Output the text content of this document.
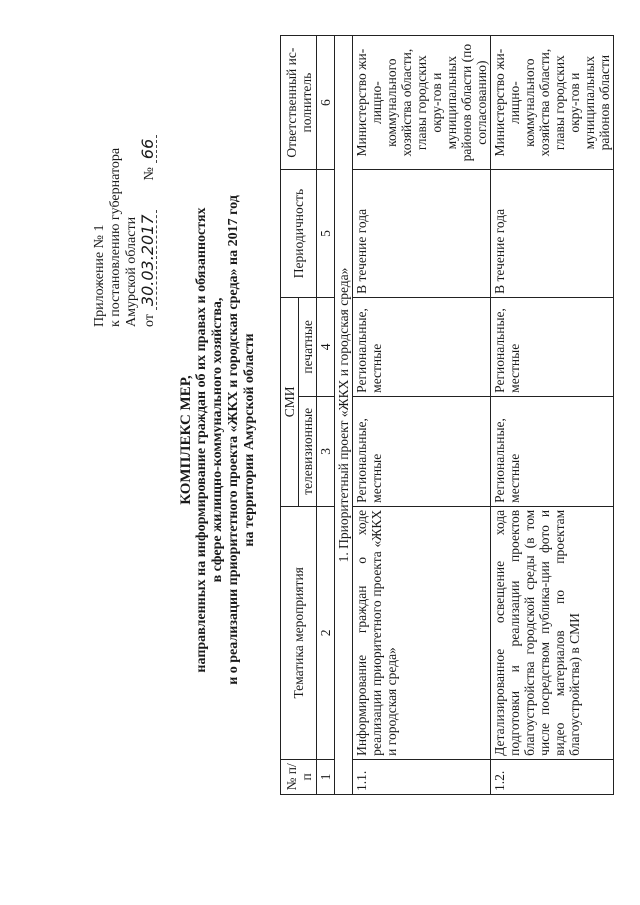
Приложение № 1 к постановлению губернатора Амурской области от
30.03.2017
№
66
КОМПЛЕКС МЕР, направленных на информирование граждан об их правах и обязанностях в сфере жилищно-коммунального хозяйства, и о реализации приоритетного проекта «ЖКХ и городская среда» на 2017 год на территории Амурской области
№ п/п	Тематика мероприятия	СМИ		Периодичность	Ответственный ис-полнитель
		телевизионные	печатные		
1	2	3	4	5	6
1. Приоритетный проект «ЖКХ и городская среда»					
1.1.	Информирование граждан о ходе реализации приоритетного проекта «ЖКХ и городская среда»	Региональные, местные	Региональные, местные	В течение года	Министерство жи-лищно-коммунального хозяйства области, главы городских окру-гов и муниципальных районов области (по согласованию)
1.2.	Детализированное освещение хода подготовки и реализации проектов благоустройства городской среды (в том числе посредством публика-ции фото и видео материалов по проектам благоустройства) в СМИ	Региональные, местные	Региональные, местные	В течение года	Министерство жи-лищно-коммунального хозяйства области, главы городских окру-гов и муниципальных районов области
